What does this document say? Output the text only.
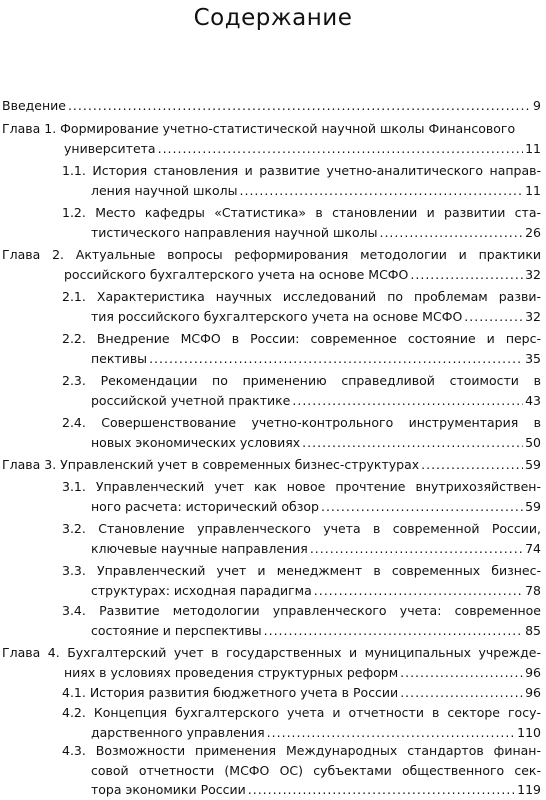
Содержание
Введение .....	9
Глава 1. Формирование учетно-статистической научной школы Финансового
университета .....	11
1.1. История становления и развитие учетно-аналитического направ-
ления научной школы .....	11
1.2. Место кафедры «Статистика» в становлении и развитии ста-
тистического направления научной школы .....	26
Глава 2. Актуальные вопросы реформирования методологии и практики
российского бухгалтерского учета на основе МСФО .....	32
2.1. Характеристика научных исследований по проблемам разви-
тия российского бухгалтерского учета на основе МСФО .....	32
2.2. Внедрение МСФО в России: современное состояние и перс-
пективы .....	35
2.3. Рекомендации по применению справедливой стоимости в
российской учетной практике .....	43
2.4. Совершенствование учетно-контрольного инструментария в
новых экономических условиях .....	50
Глава 3. Управленский учет в современных бизнес-структурах .....	59
3.1. Управленческий учет как новое прочтение внутрихозяйствен-
ного расчета: исторический обзор .....	59
3.2. Становление управленческого учета в современной России,
ключевые научные направления .....	74
3.3. Управленческий учет и менеджмент в современных бизнес-
структурах: исходная парадигма .....	78
3.4. Развитие методологии управленческого учета: современное
состояние и перспективы .....	85
Глава 4. Бухгалтерский учет в государственных и муниципальных учрежде-
ниях в условиях проведения структурных реформ .....	96
4.1. История развития бюджетного учета в России .....	96
4.2. Концепция бухгалтерского учета и отчетности в секторе госу-
дарственного управления .....	110
4.3. Возможности применения Международных стандартов финан-
совой отчетности (МСФО ОС) субъектами общественного сек-
тора экономики России .....	119
